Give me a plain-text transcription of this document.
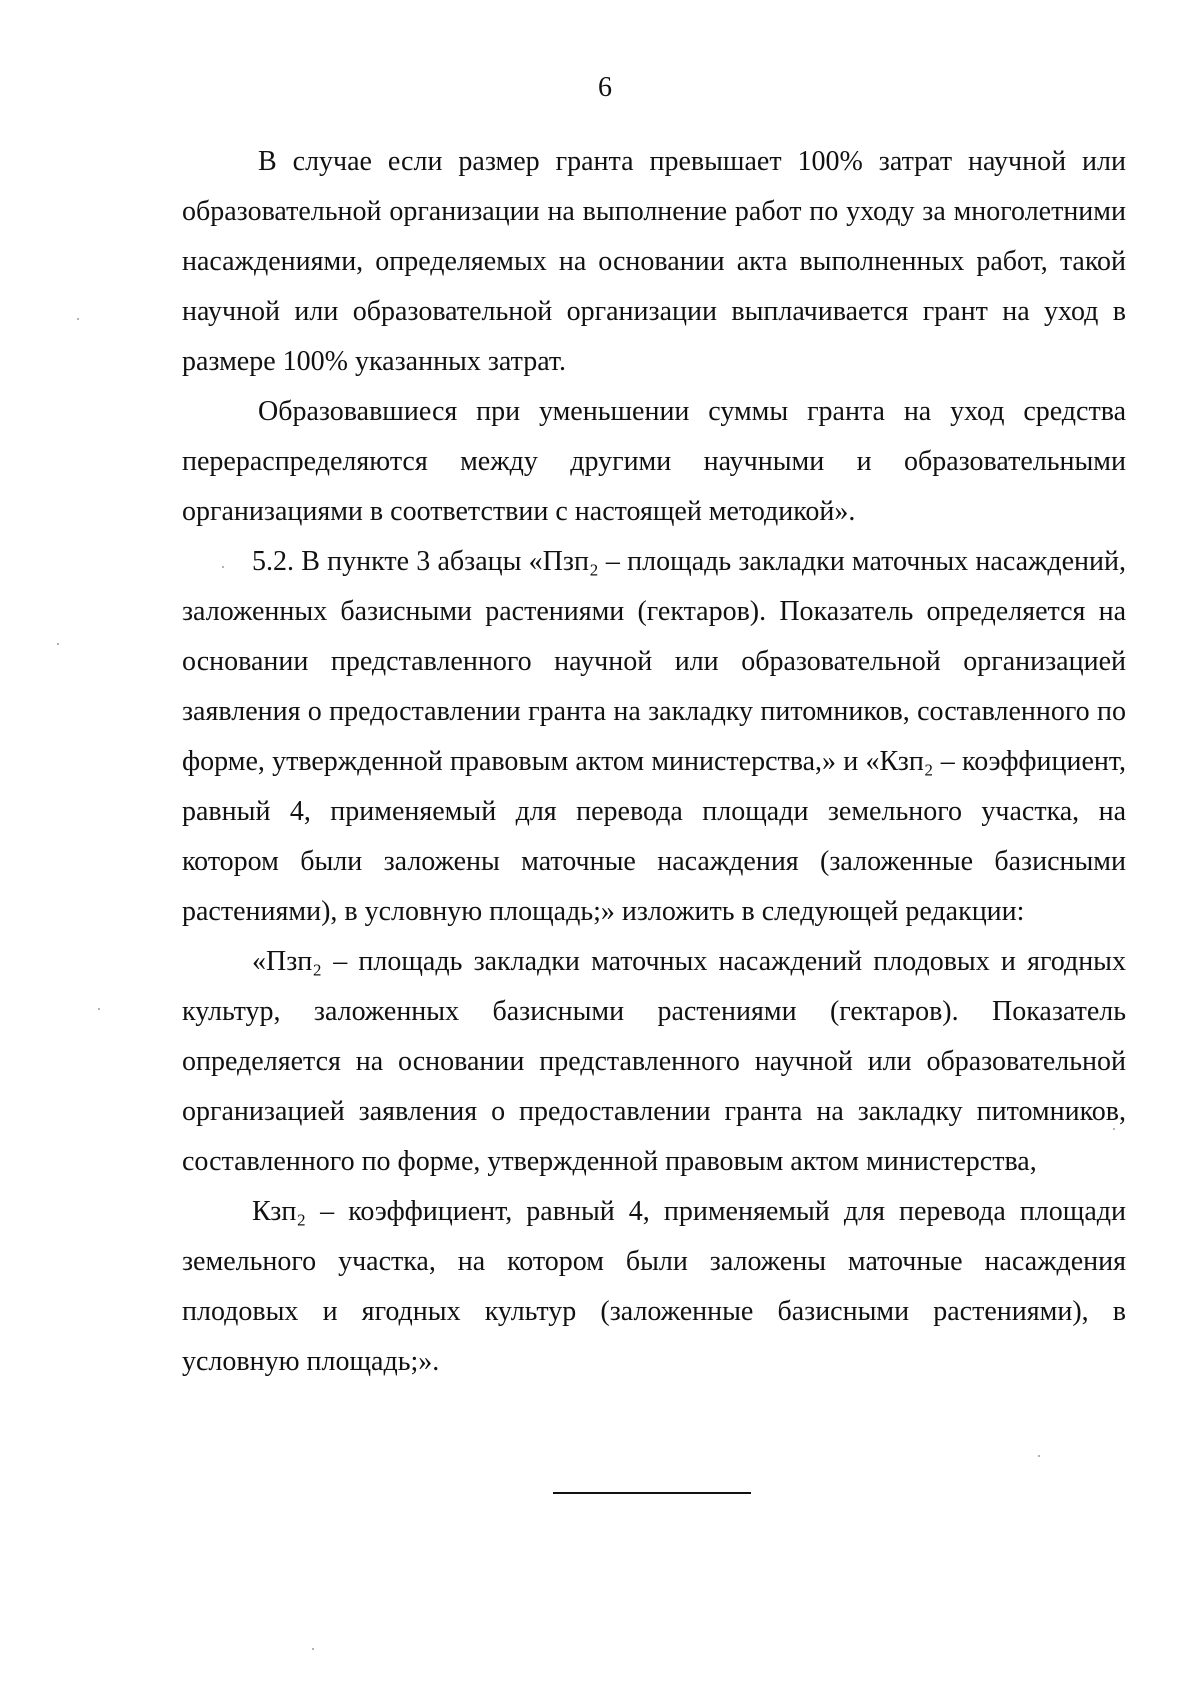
6

В случае если размер гранта превышает 100% затрат научной или образовательной организации на выполнение работ по уходу за многолетними насаждениями, определяемых на основании акта выполненных работ, такой научной или образовательной организации выплачивается грант на уход в размере 100% указанных затрат.

Образовавшиеся при уменьшении суммы гранта на уход средства перераспределяются между другими научными и образовательными организациями в соответствии с настоящей методикой».

5.2. В пункте 3 абзацы «Пзп₂ – площадь закладки маточных насаждений, заложенных базисными растениями (гектаров). Показатель определяется на основании представленного научной или образовательной организацией заявления о предоставлении гранта на закладку питомников, составленного по форме, утвержденной правовым актом министерства,» и «Кзп₂ – коэффициент, равный 4, применяемый для перевода площади земельного участка, на котором были заложены маточные насаждения (заложенные базисными растениями), в условную площадь;» изложить в следующей редакции:

«Пзп₂ – площадь закладки маточных насаждений плодовых и ягодных культур, заложенных базисными растениями (гектаров). Показатель определяется на основании представленного научной или образовательной организацией заявления о предоставлении гранта на закладку питомников, составленного по форме, утвержденной правовым актом министерства,

Кзп₂ – коэффициент, равный 4, применяемый для перевода площади земельного участка, на котором были заложены маточные насаждения плодовых и ягодных культур (заложенные базисными растениями), в условную площадь;».
